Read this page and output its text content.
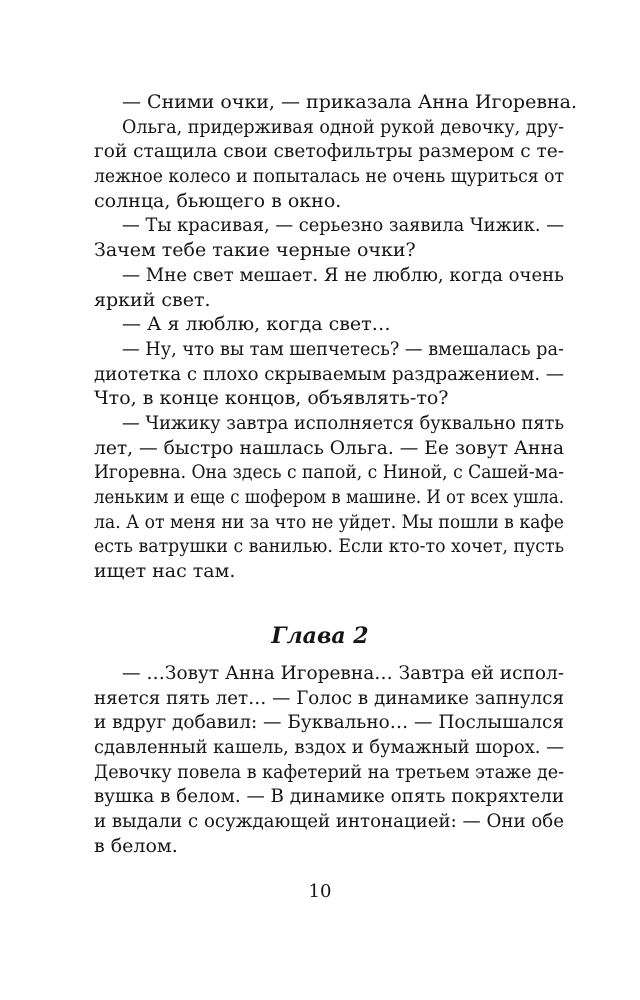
— Сними очки, — приказала Анна Игоревна.
Ольга, придерживая одной рукой девочку, дру-
гой стащила свои светофильтры размером с те-
лежное колесо и попыталась не очень щуриться от
солнца, бьющего в окно.
— Ты красивая, — серьезно заявила Чижик. —
Зачем тебе такие черные очки?
— Мне свет мешает. Я не люблю, когда очень
яркий свет.
— А я люблю, когда свет…
— Ну, что вы там шепчетесь? — вмешалась ра-
диотетка с плохо скрываемым раздражением. —
Что, в конце концов, объявлять-то?
— Чижику завтра исполняется буквально пять
лет, — быстро нашлась Ольга. — Ее зовут Анна
Игоревна. Она здесь с папой, с Ниной, с Сашей-ма-
леньким и еще с шофером в машине. И от всех ушла.
ла. А от меня ни за что не уйдет. Мы пошли в кафе
есть ватрушки с ванилью. Если кто-то хочет, пусть
ищет нас там.
Глава 2
— …Зовут Анна Игоревна… Завтра ей испол-
няется пять лет… — Голос в динамике запнулся
и вдруг добавил: — Буквально… — Послышался
сдавленный кашель, вздох и бумажный шорох. —
Девочку повела в кафетерий на третьем этаже де-
вушка в белом. — В динамике опять покряхтели
и выдали с осуждающей интонацией: — Они обе
в белом.
10
